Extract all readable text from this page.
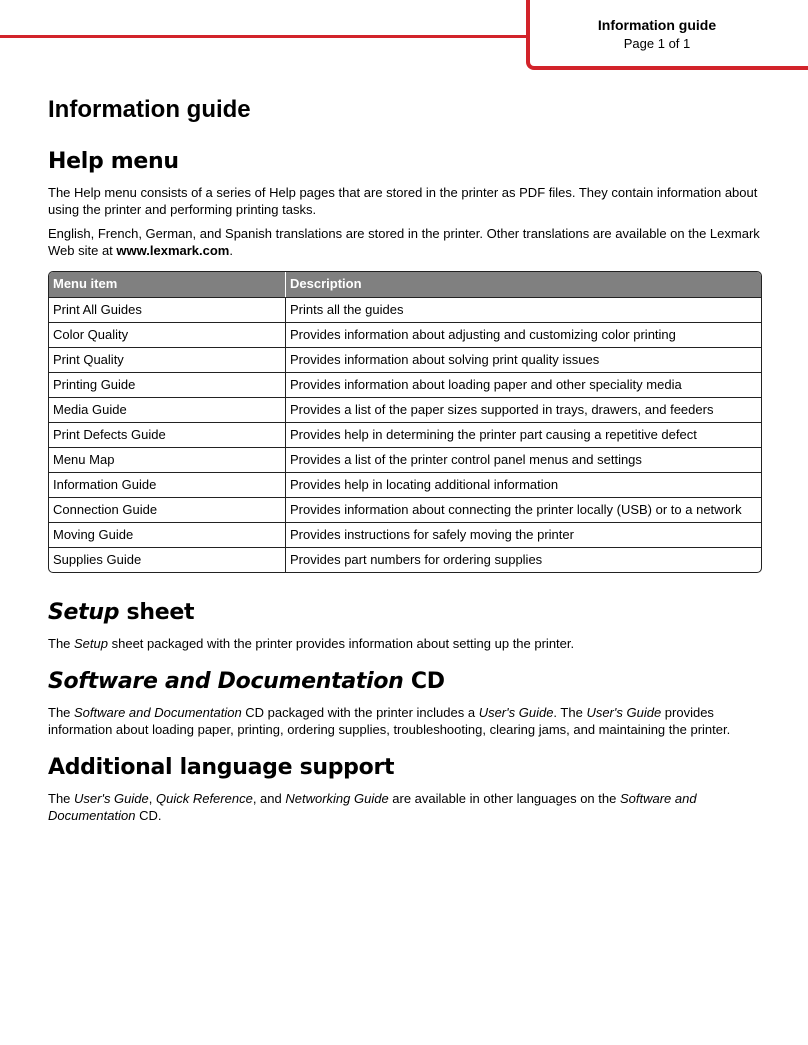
Information guide
Page 1 of 1
Information guide
Help menu

The Help menu consists of a series of Help pages that are stored in the printer as PDF files. They contain information about using the printer and performing printing tasks.

English, French, German, and Spanish translations are stored in the printer. Other translations are available on the Lexmark Web site at www.lexmark.com.

Menu item	Description
Print All Guides	Prints all the guides
Color Quality	Provides information about adjusting and customizing color printing
Print Quality	Provides information about solving print quality issues
Printing Guide	Provides information about loading paper and other speciality media
Media Guide	Provides a list of the paper sizes supported in trays, drawers, and feeders
Print Defects Guide	Provides help in determining the printer part causing a repetitive defect
Menu Map	Provides a list of the printer control panel menus and settings
Information Guide	Provides help in locating additional information
Connection Guide	Provides information about connecting the printer locally (USB) or to a network
Moving Guide	Provides instructions for safely moving the printer
Supplies Guide	Provides part numbers for ordering supplies
Setup sheet

The Setup sheet packaged with the printer provides information about setting up the printer.

Software and Documentation CD

The Software and Documentation CD packaged with the printer includes a User's Guide. The User's Guide provides information about loading paper, printing, ordering supplies, troubleshooting, clearing jams, and maintaining the printer.

Additional language support

The User's Guide, Quick Reference, and Networking Guide are available in other languages on the Software and Documentation CD.
